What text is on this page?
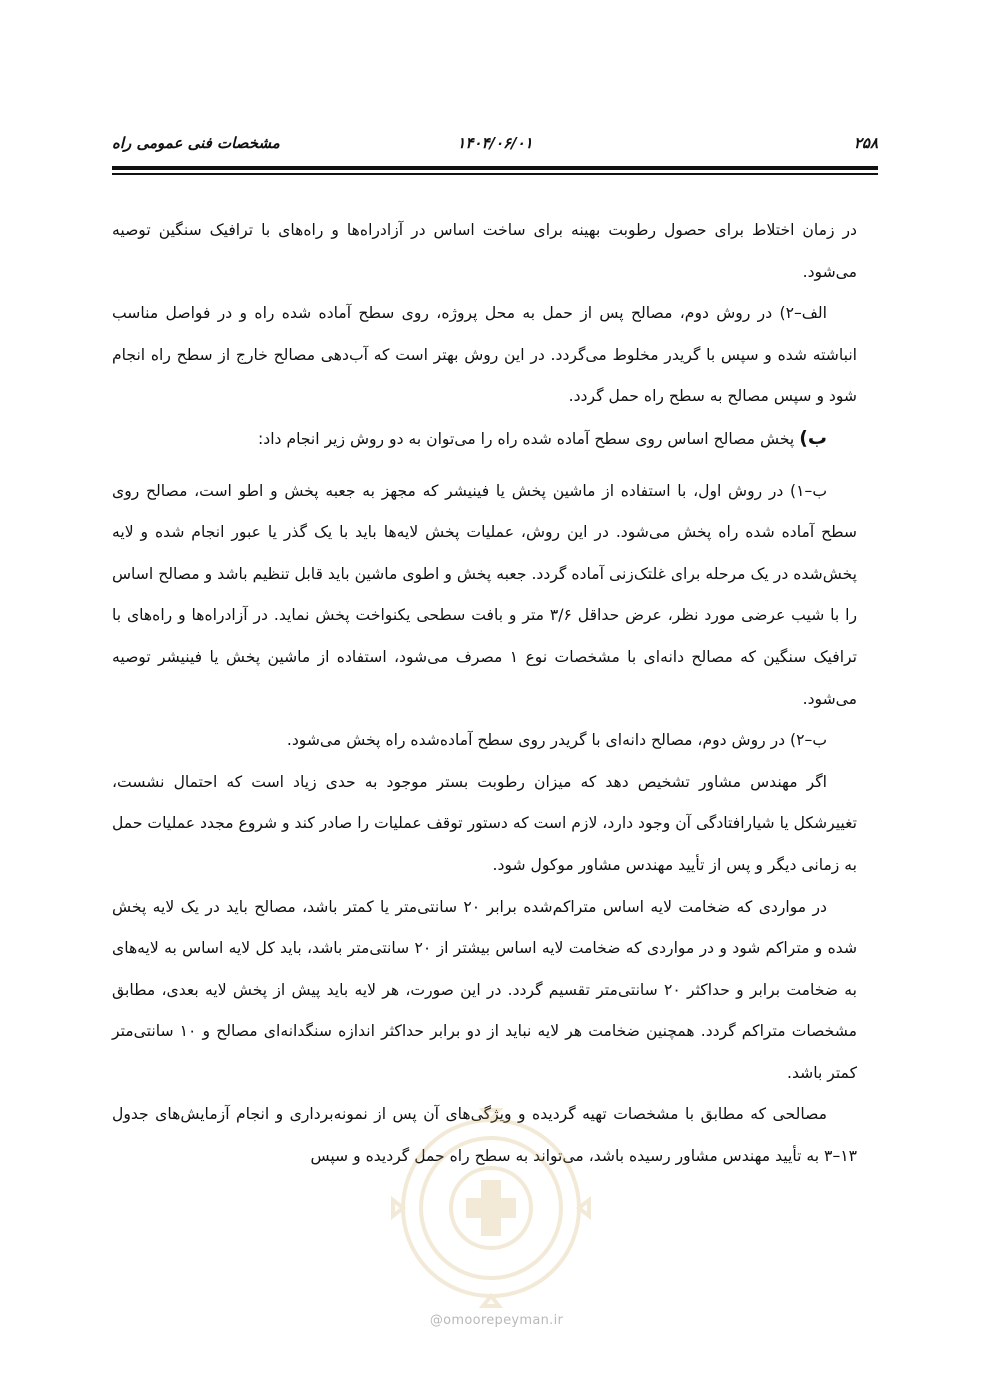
۲۵۸
۱۴۰۴/۰۶/۰۱
مشخصات فنی عمومی راه

در زمان اختلاط برای حصول رطوبت بهینه برای ساخت اساس در آزادراه‌ها و راه‌های با ترافیک سنگین توصیه می‌شود.

الف–۲) در روش دوم، مصالح پس از حمل به محل پروژه، روی سطح آماده شده راه و در فواصل مناسب انباشته شده و سپس با گریدر مخلوط می‌گردد. در این روش بهتر است که آب‌دهی مصالح خارج از سطح راه انجام شود و سپس مصالح به سطح راه حمل گردد.

ب) پخش مصالح اساس روی سطح آماده شده راه را می‌توان به دو روش زیر انجام داد:

ب–۱) در روش اول، با استفاده از ماشین پخش یا فینیشر که مجهز به جعبه پخش و اطو است، مصالح روی سطح آماده شده راه پخش می‌شود. در این روش، عملیات پخش لایه‌ها باید با یک گذر یا عبور انجام شده و لایه پخش‌شده در یک مرحله برای غلتک‌زنی آماده گردد. جعبه پخش و اطوی ماشین باید قابل تنظیم باشد و مصالح اساس را با شیب عرضی مورد نظر، عرض حداقل ۳/۶ متر و بافت سطحی یکنواخت پخش نماید. در آزادراه‌ها و راه‌های با ترافیک سنگین که مصالح دانه‌ای با مشخصات نوع ۱ مصرف می‌شود، استفاده از ماشین پخش یا فینیشر توصیه می‌شود.

ب–۲) در روش دوم، مصالح دانه‌ای با گریدر روی سطح آماده‌شده راه پخش می‌شود.

اگر مهندس مشاور تشخیص دهد که میزان رطوبت بستر موجود به حدی زیاد است که احتمال نشست، تغییرشکل یا شیارافتادگی آن وجود دارد، لازم است که دستور توقف عملیات را صادر کند و شروع مجدد عملیات حمل به زمانی دیگر و پس از تأیید مهندس مشاور موکول شود.

در مواردی که ضخامت لایه اساس متراکم‌شده برابر ۲۰ سانتی‌متر یا کمتر باشد، مصالح باید در یک لایه پخش شده و متراکم شود و در مواردی که ضخامت لایه اساس بیشتر از ۲۰ سانتی‌متر باشد، باید کل لایه اساس به لایه‌های به ضخامت برابر و حداکثر ۲۰ سانتی‌متر تقسیم گردد. در این صورت، هر لایه باید پیش از پخش لایه بعدی، مطابق مشخصات متراکم گردد. همچنین ضخامت هر لایه نباید از دو برابر حداکثر اندازه سنگدانه‌ای مصالح و ۱۰ سانتی‌متر کمتر باشد.

مصالحی که مطابق با مشخصات تهیه گردیده و ویژگی‌های آن پس از نمونه‌برداری و انجام آزمایش‌های جدول ۱۳–۳ به تأیید مهندس مشاور رسیده باشد، می‌تواند به سطح راه حمل گردیده و سپس

@omoorepeyman.ir
